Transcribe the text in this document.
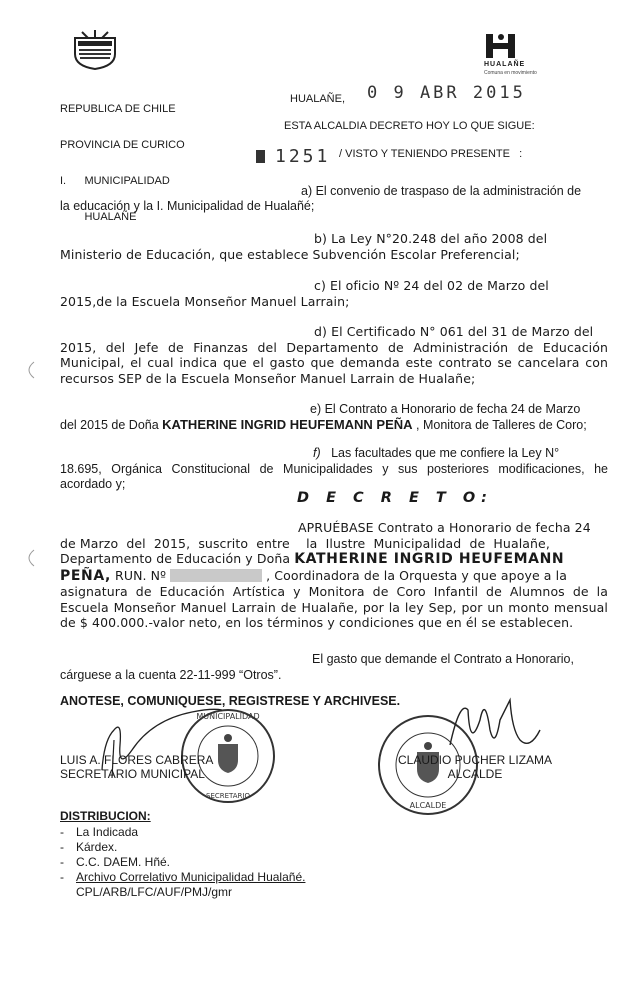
HUALAÑE
Comuna en movimiento

REPUBLICA DE CHILE

PROVINCIA DE CURICO

I.      MUNICIPALIDAD

HUALAÑE

HUALAÑE, 0 9 ABR 2015
ESTA ALCALDIA DECRETO HOY LO QUE SIGUE:
1251 / VISTO Y TENIENDO PRESENTE   :
a) El convenio de traspaso de la administración de
la educación y la I. Municipalidad de Hualañé;
b) La Ley N°20.248 del año 2008 del
Ministerio de Educación, que establece Subvención Escolar Preferencial;
c) El oficio Nº 24 del 02 de Marzo del
2015,de la Escuela Monseñor Manuel Larrain;
d) El Certificado N° 061 del 31 de Marzo del
2015, del Jefe de Finanzas del Departamento de Administración de Educación Municipal, el cual indica que el gasto que demanda este contrato se cancelara con recursos SEP de la Escuela Monseñor Manuel Larrain de Hualañe;
e) El Contrato a Honorario de fecha 24 de Marzo
del 2015 de Doña KATHERINE INGRID HEUFEMANN PEÑA , Monitora de Talleres de Coro;
f) Las facultades que me confiere la Ley N°
18.695, Orgánica Constitucional de Municipalidades y sus posteriores modificaciones, he acordado y;
D E C R E T O:
APRUÉBASE Contrato a Honorario de fecha 24
de Marzo  del  2015,  suscrito  entre    la  Ilustre  Municipalidad  de  Hualañe,
Departamento de Educación y Doña KATHERINE INGRID HEUFEMANN
PEÑA, RUN. Nº	, Coordinadora de la Orquesta y que apoye a la
asignatura de Educación Artística y Monitora de Coro Infantil de Alumnos de la Escuela Monseñor Manuel Larrain de Hualañe, por la ley Sep, por un monto mensual de $ 400.000.-valor neto, en los términos y condiciones que en él se establecen.
El gasto que demande el Contrato a Honorario,
cárguese a la cuenta 22-11-999 “Otros”.
ANOTESE, COMUNIQUESE, REGISTRESE Y ARCHIVESE.
MUNICIPALIDAD
SECRETARIO
ALCALDE
LUIS A. FLORES CABRERA
SECRETARIO MUNICIPAL
CLAUDIO PUCHER LIZAMA
ALCALDE
DISTRIBUCION:
- La Indicada
- Kárdex.
- C.C. DAEM. Hñé.
- Archivo Correlativo Municipalidad Hualañé.
CPL/ARB/LFC/AUF/PMJ/gmr
